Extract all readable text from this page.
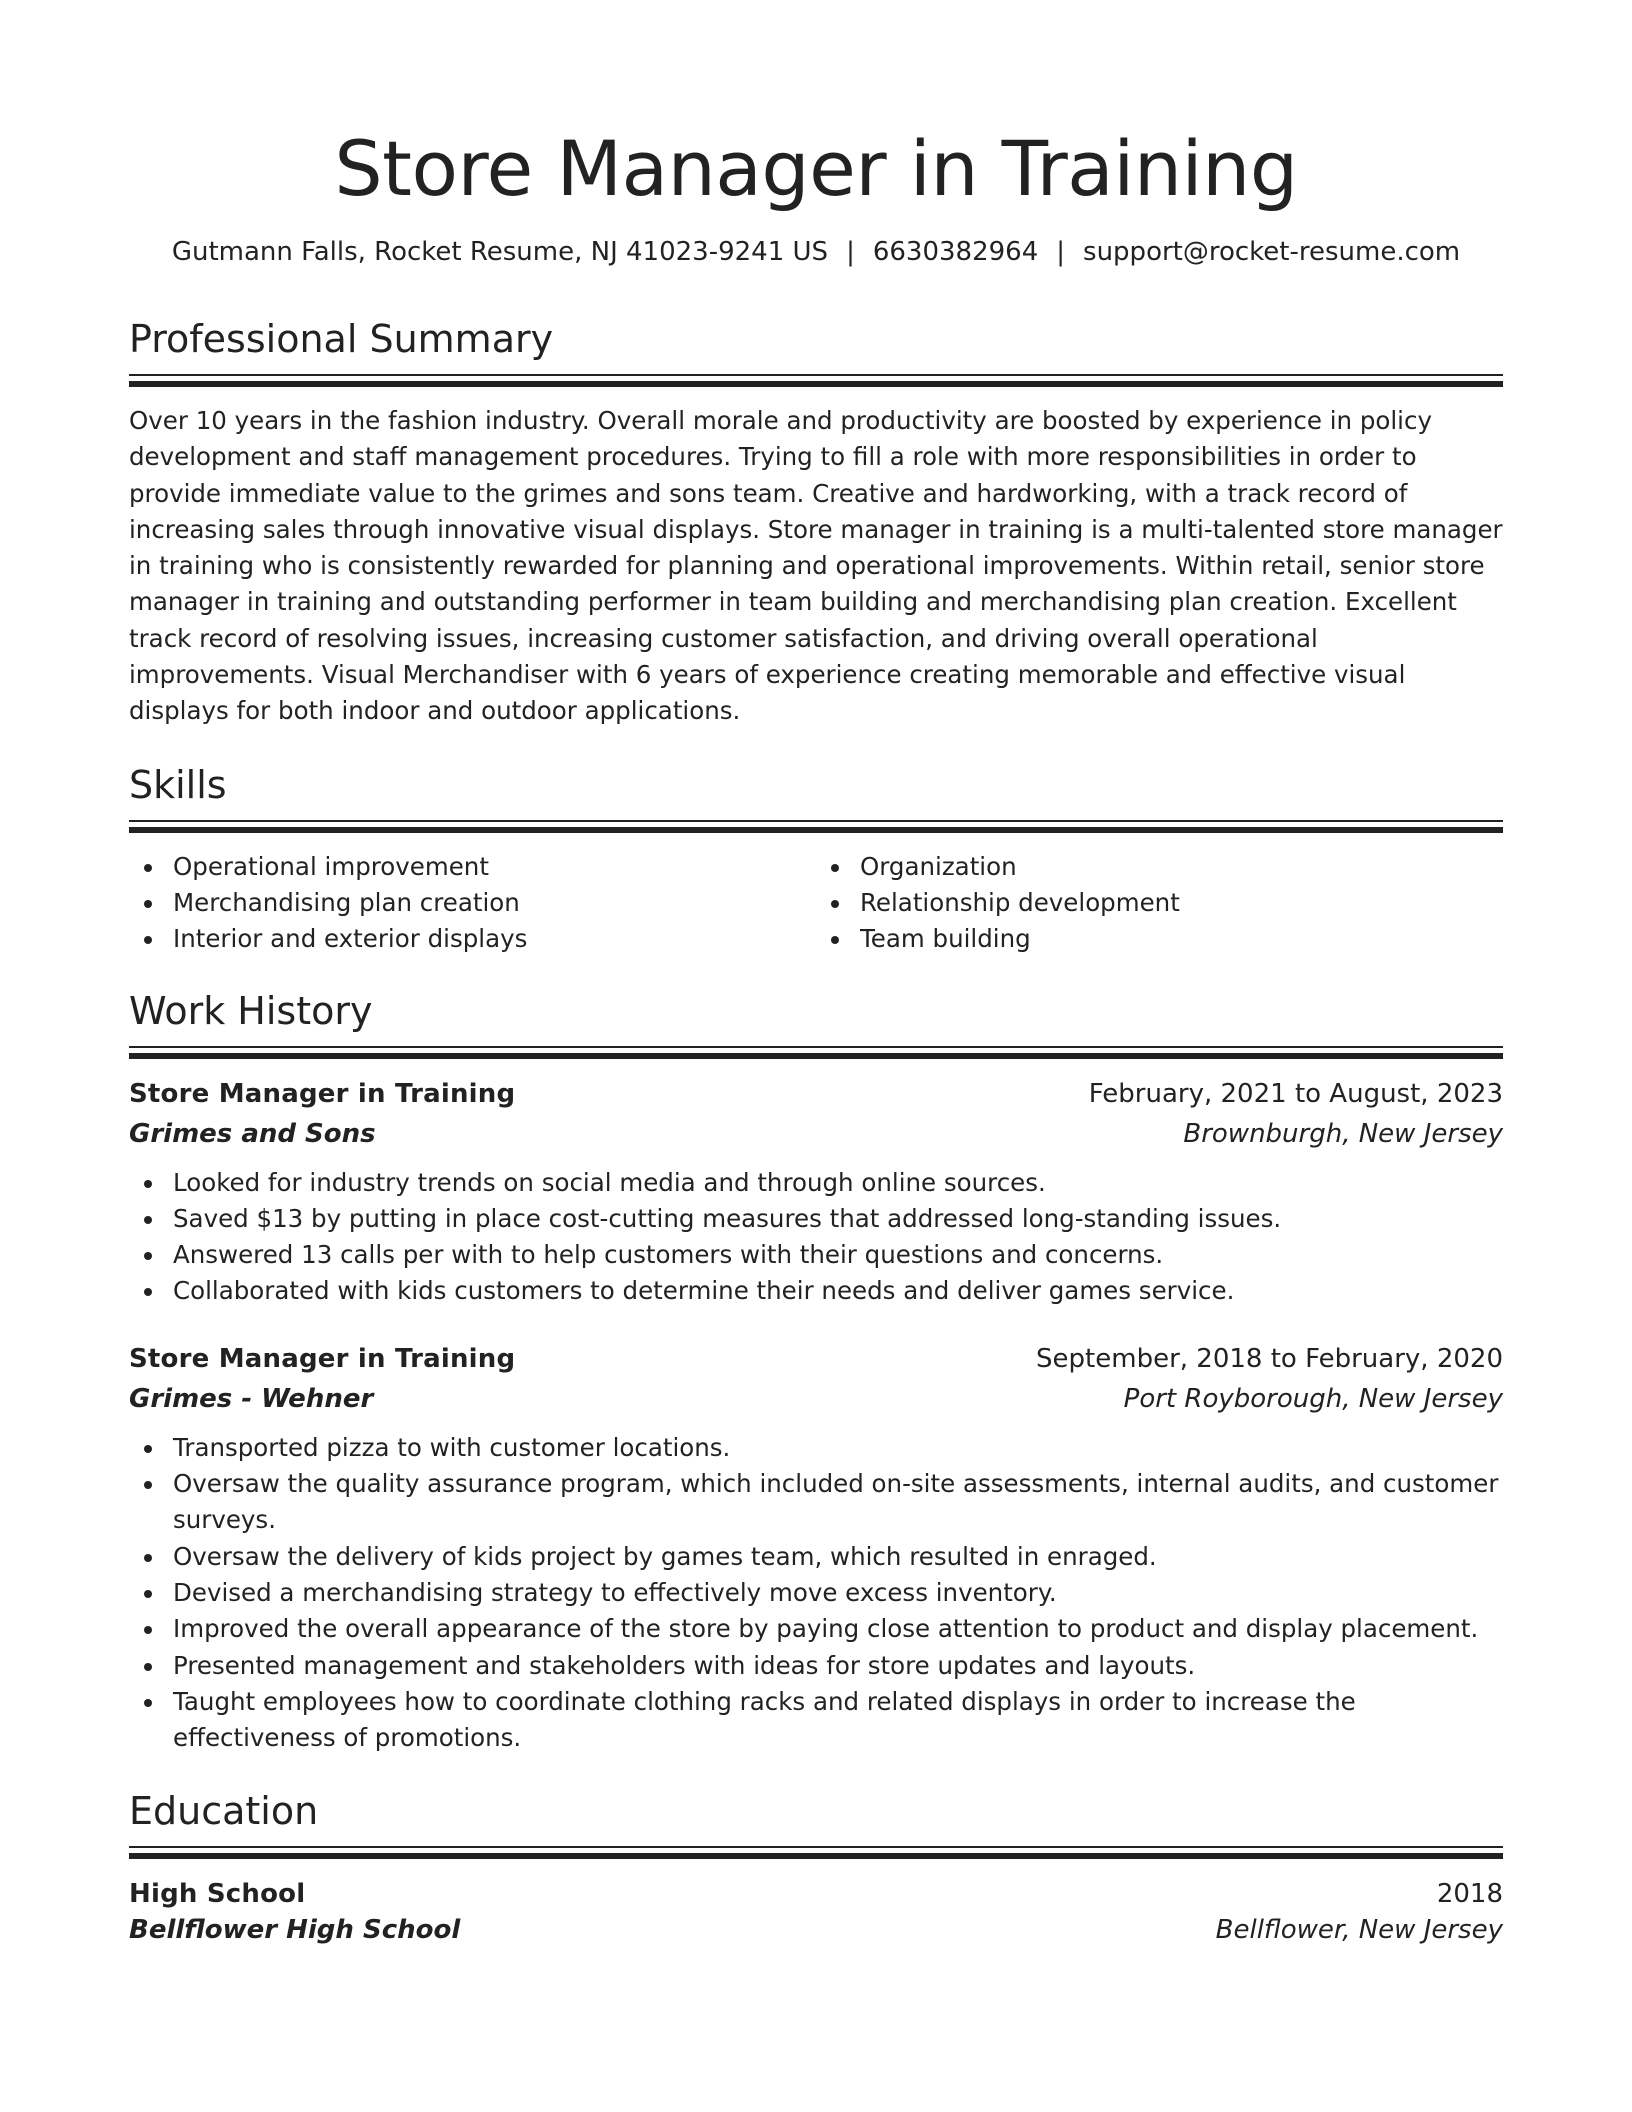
Store Manager in Training
Gutmann Falls, Rocket Resume, NJ 41023-9241 US | 6630382964 | support@rocket-resume.com
Professional Summary

Over 10 years in the fashion industry. Overall morale and productivity are boosted by experience in policy development and staff management procedures. Trying to fill a role with more responsibilities in order to provide immediate value to the grimes and sons team. Creative and hardworking, with a track record of increasing sales through innovative visual displays. Store manager in training is a multi-talented store manager in training who is consistently rewarded for planning and operational improvements. Within retail, senior store manager in training and outstanding performer in team building and merchandising plan creation. Excellent track record of resolving issues, increasing customer satisfaction, and driving overall operational improvements. Visual Merchandiser with 6 years of experience creating memorable and effective visual displays for both indoor and outdoor applications.

Skills
Operational improvement
Merchandising plan creation
Interior and exterior displays
Organization
Relationship development
Team building
Work History
Store Manager in Training	February, 2021 to August, 2023
Grimes and Sons	Brownburgh, New Jersey
Looked for industry trends on social media and through online sources.
Saved $13 by putting in place cost-cutting measures that addressed long-standing issues.
Answered 13 calls per with to help customers with their questions and concerns.
Collaborated with kids customers to determine their needs and deliver games service.
Store Manager in Training	September, 2018 to February, 2020
Grimes - Wehner	Port Royborough, New Jersey
Transported pizza to with customer locations.
Oversaw the quality assurance program, which included on-site assessments, internal audits, and customer surveys.
Oversaw the delivery of kids project by games team, which resulted in enraged.
Devised a merchandising strategy to effectively move excess inventory.
Improved the overall appearance of the store by paying close attention to product and display placement.
Presented management and stakeholders with ideas for store updates and layouts.
Taught employees how to coordinate clothing racks and related displays in order to increase the effectiveness of promotions.
Education
High School	2018
Bellflower High School	Bellflower, New Jersey
